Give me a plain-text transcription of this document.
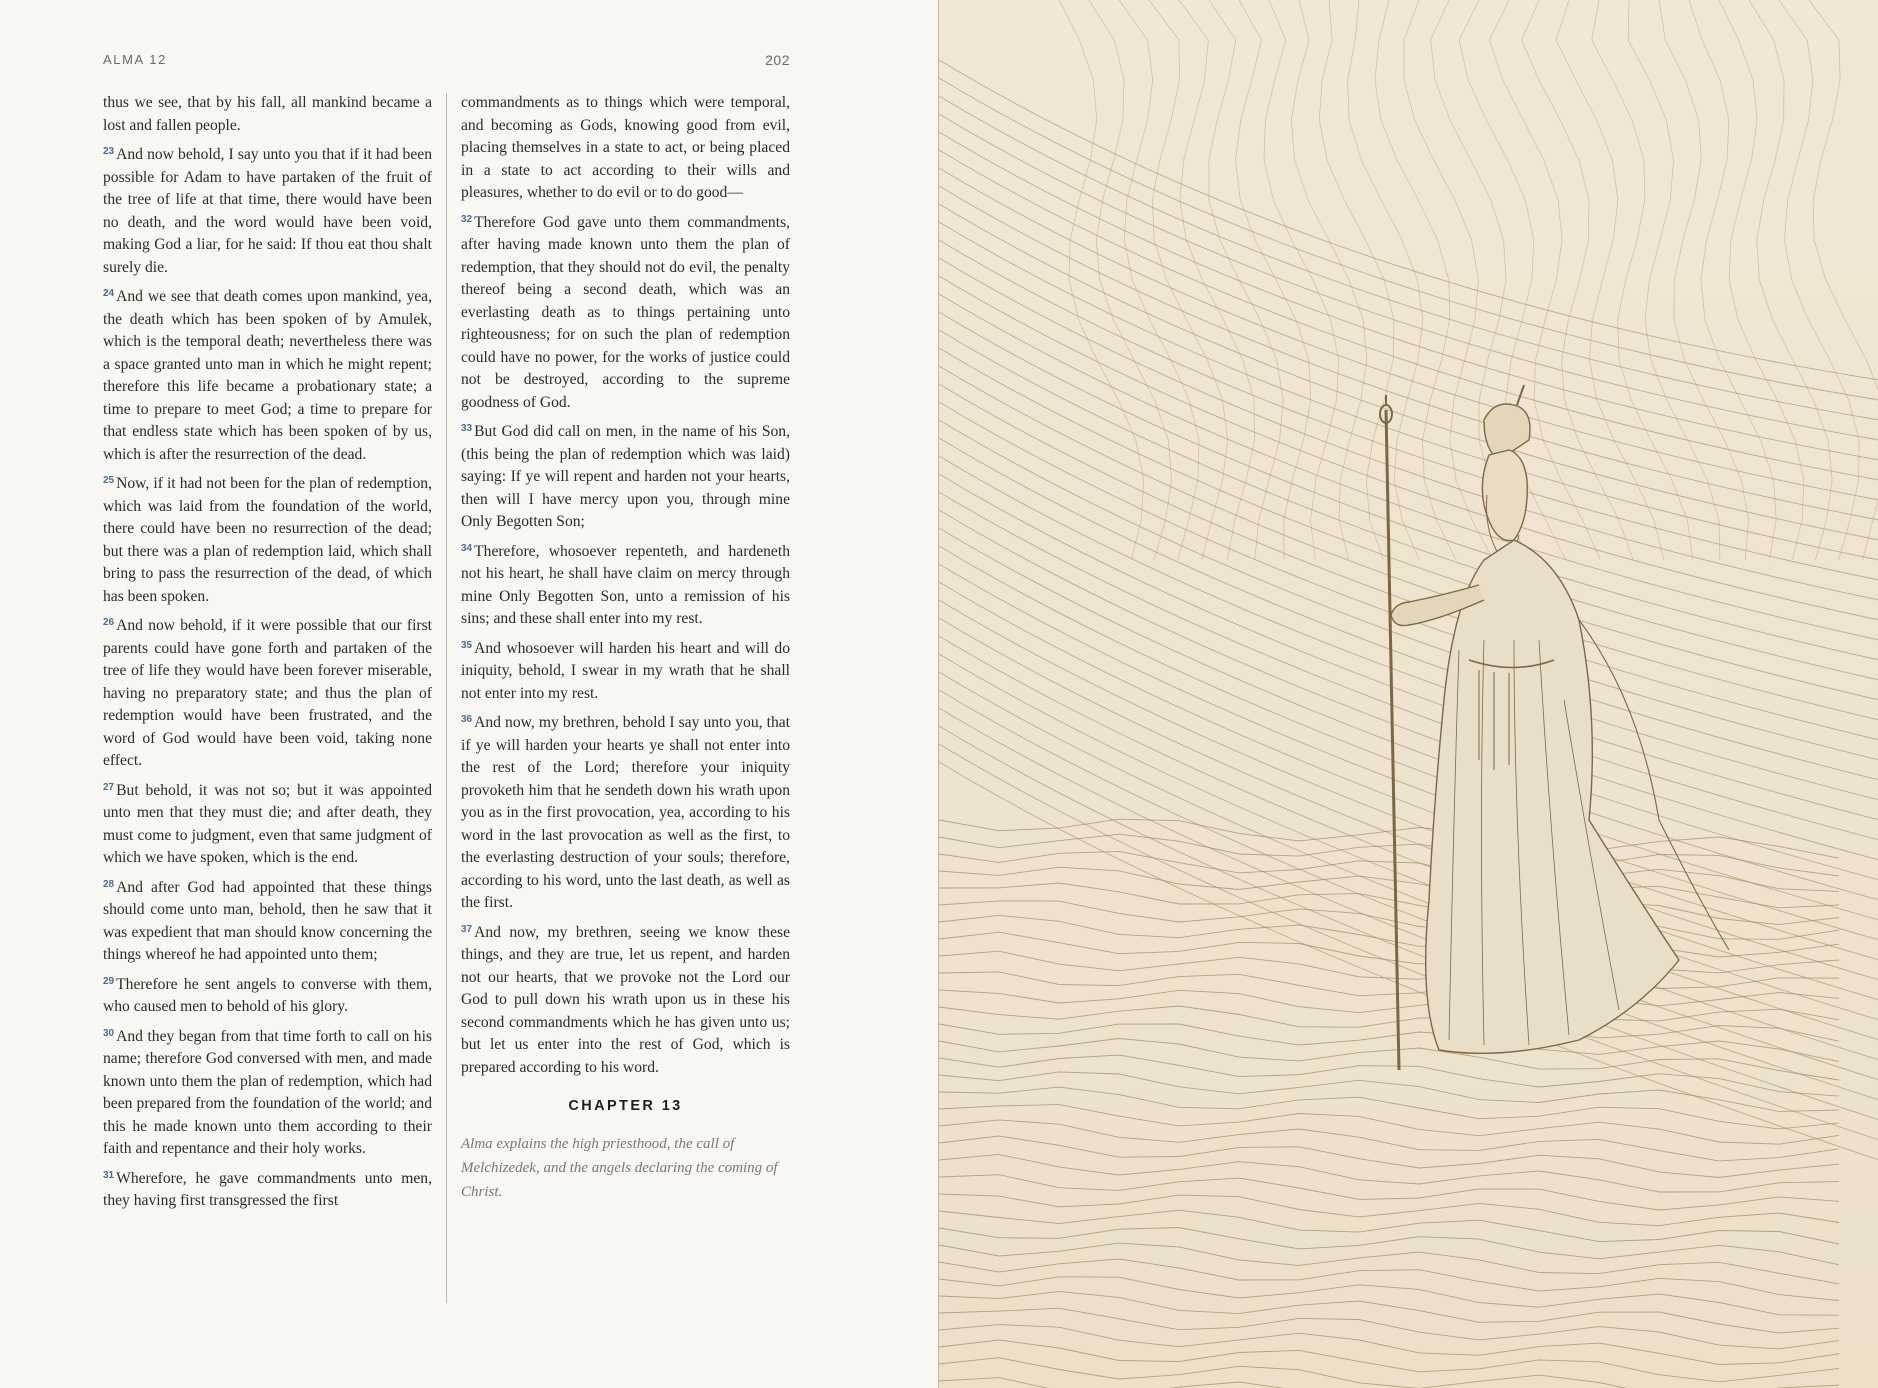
ALMA 12	202

thus we see, that by his fall, all mankind became a lost and fallen people.

$^{23}$ And now behold, I say unto you that if it had been possible for Adam to have partaken of the fruit of the tree of life at that time, there would have been no death, and the word would have been void, making God a liar, for he said: If thou eat thou shalt surely die.

$^{24}$ And we see that death comes upon mankind, yea, the death which has been spoken of by Amulek, which is the temporal death; nevertheless there was a space granted unto man in which he might repent; therefore this life became a probationary state; a time to prepare to meet God; a time to prepare for that endless state which has been spoken of by us, which is after the resurrection of the dead.

$^{25}$ Now, if it had not been for the plan of redemption, which was laid from the foundation of the world, there could have been no resurrection of the dead; but there was a plan of redemption laid, which shall bring to pass the resurrection of the dead, of which has been spoken.

$^{26}$ And now behold, if it were possible that our first parents could have gone forth and partaken of the tree of life they would have been forever miserable, having no preparatory state; and thus the plan of redemption would have been frustrated, and the word of God would have been void, taking none effect.

$^{27}$ But behold, it was not so; but it was appointed unto men that they must die; and after death, they must come to judgment, even that same judgment of which we have spoken, which is the end.

$^{28}$ And after God had appointed that these things should come unto man, behold, then he saw that it was expedient that man should know concerning the things whereof he had appointed unto them;

$^{29}$ Therefore he sent angels to converse with them, who caused men to behold of his glory.

$^{30}$ And they began from that time forth to call on his name; therefore God conversed with men, and made known unto them the plan of redemption, which had been prepared from the foundation of the world; and this he made known unto them according to their faith and repentance and their holy works.

$^{31}$ Wherefore, he gave commandments unto men, they having first transgressed the first

commandments as to things which were temporal, and becoming as Gods, knowing good from evil, placing themselves in a state to act, or being placed in a state to act according to their wills and pleasures, whether to do evil or to do good—

$^{32}$ Therefore God gave unto them commandments, after having made known unto them the plan of redemption, that they should not do evil, the penalty thereof being a second death, which was an everlasting death as to things pertaining unto righteousness; for on such the plan of redemption could have no power, for the works of justice could not be destroyed, according to the supreme goodness of God.

$^{33}$ But God did call on men, in the name of his Son, (this being the plan of redemption which was laid) saying: If ye will repent and harden not your hearts, then will I have mercy upon you, through mine Only Begotten Son;

$^{34}$ Therefore, whosoever repenteth, and hardeneth not his heart, he shall have claim on mercy through mine Only Begotten Son, unto a remission of his sins; and these shall enter into my rest.

$^{35}$ And whosoever will harden his heart and will do iniquity, behold, I swear in my wrath that he shall not enter into my rest.

$^{36}$ And now, my brethren, behold I say unto you, that if ye will harden your hearts ye shall not enter into the rest of the Lord; therefore your iniquity provoketh him that he sendeth down his wrath upon you as in the first provocation, yea, according to his word in the last provocation as well as the first, to the everlasting destruction of your souls; therefore, according to his word, unto the last death, as well as the first.

$^{37}$ And now, my brethren, seeing we know these things, and they are true, let us repent, and harden not our hearts, that we provoke not the Lord our God to pull down his wrath upon us in these his second commandments which he has given unto us; but let us enter into the rest of God, which is prepared according to his word.

CHAPTER 13
Alma explains the high priesthood, the call of Melchizedek, and the angels declaring the coming of Christ.
